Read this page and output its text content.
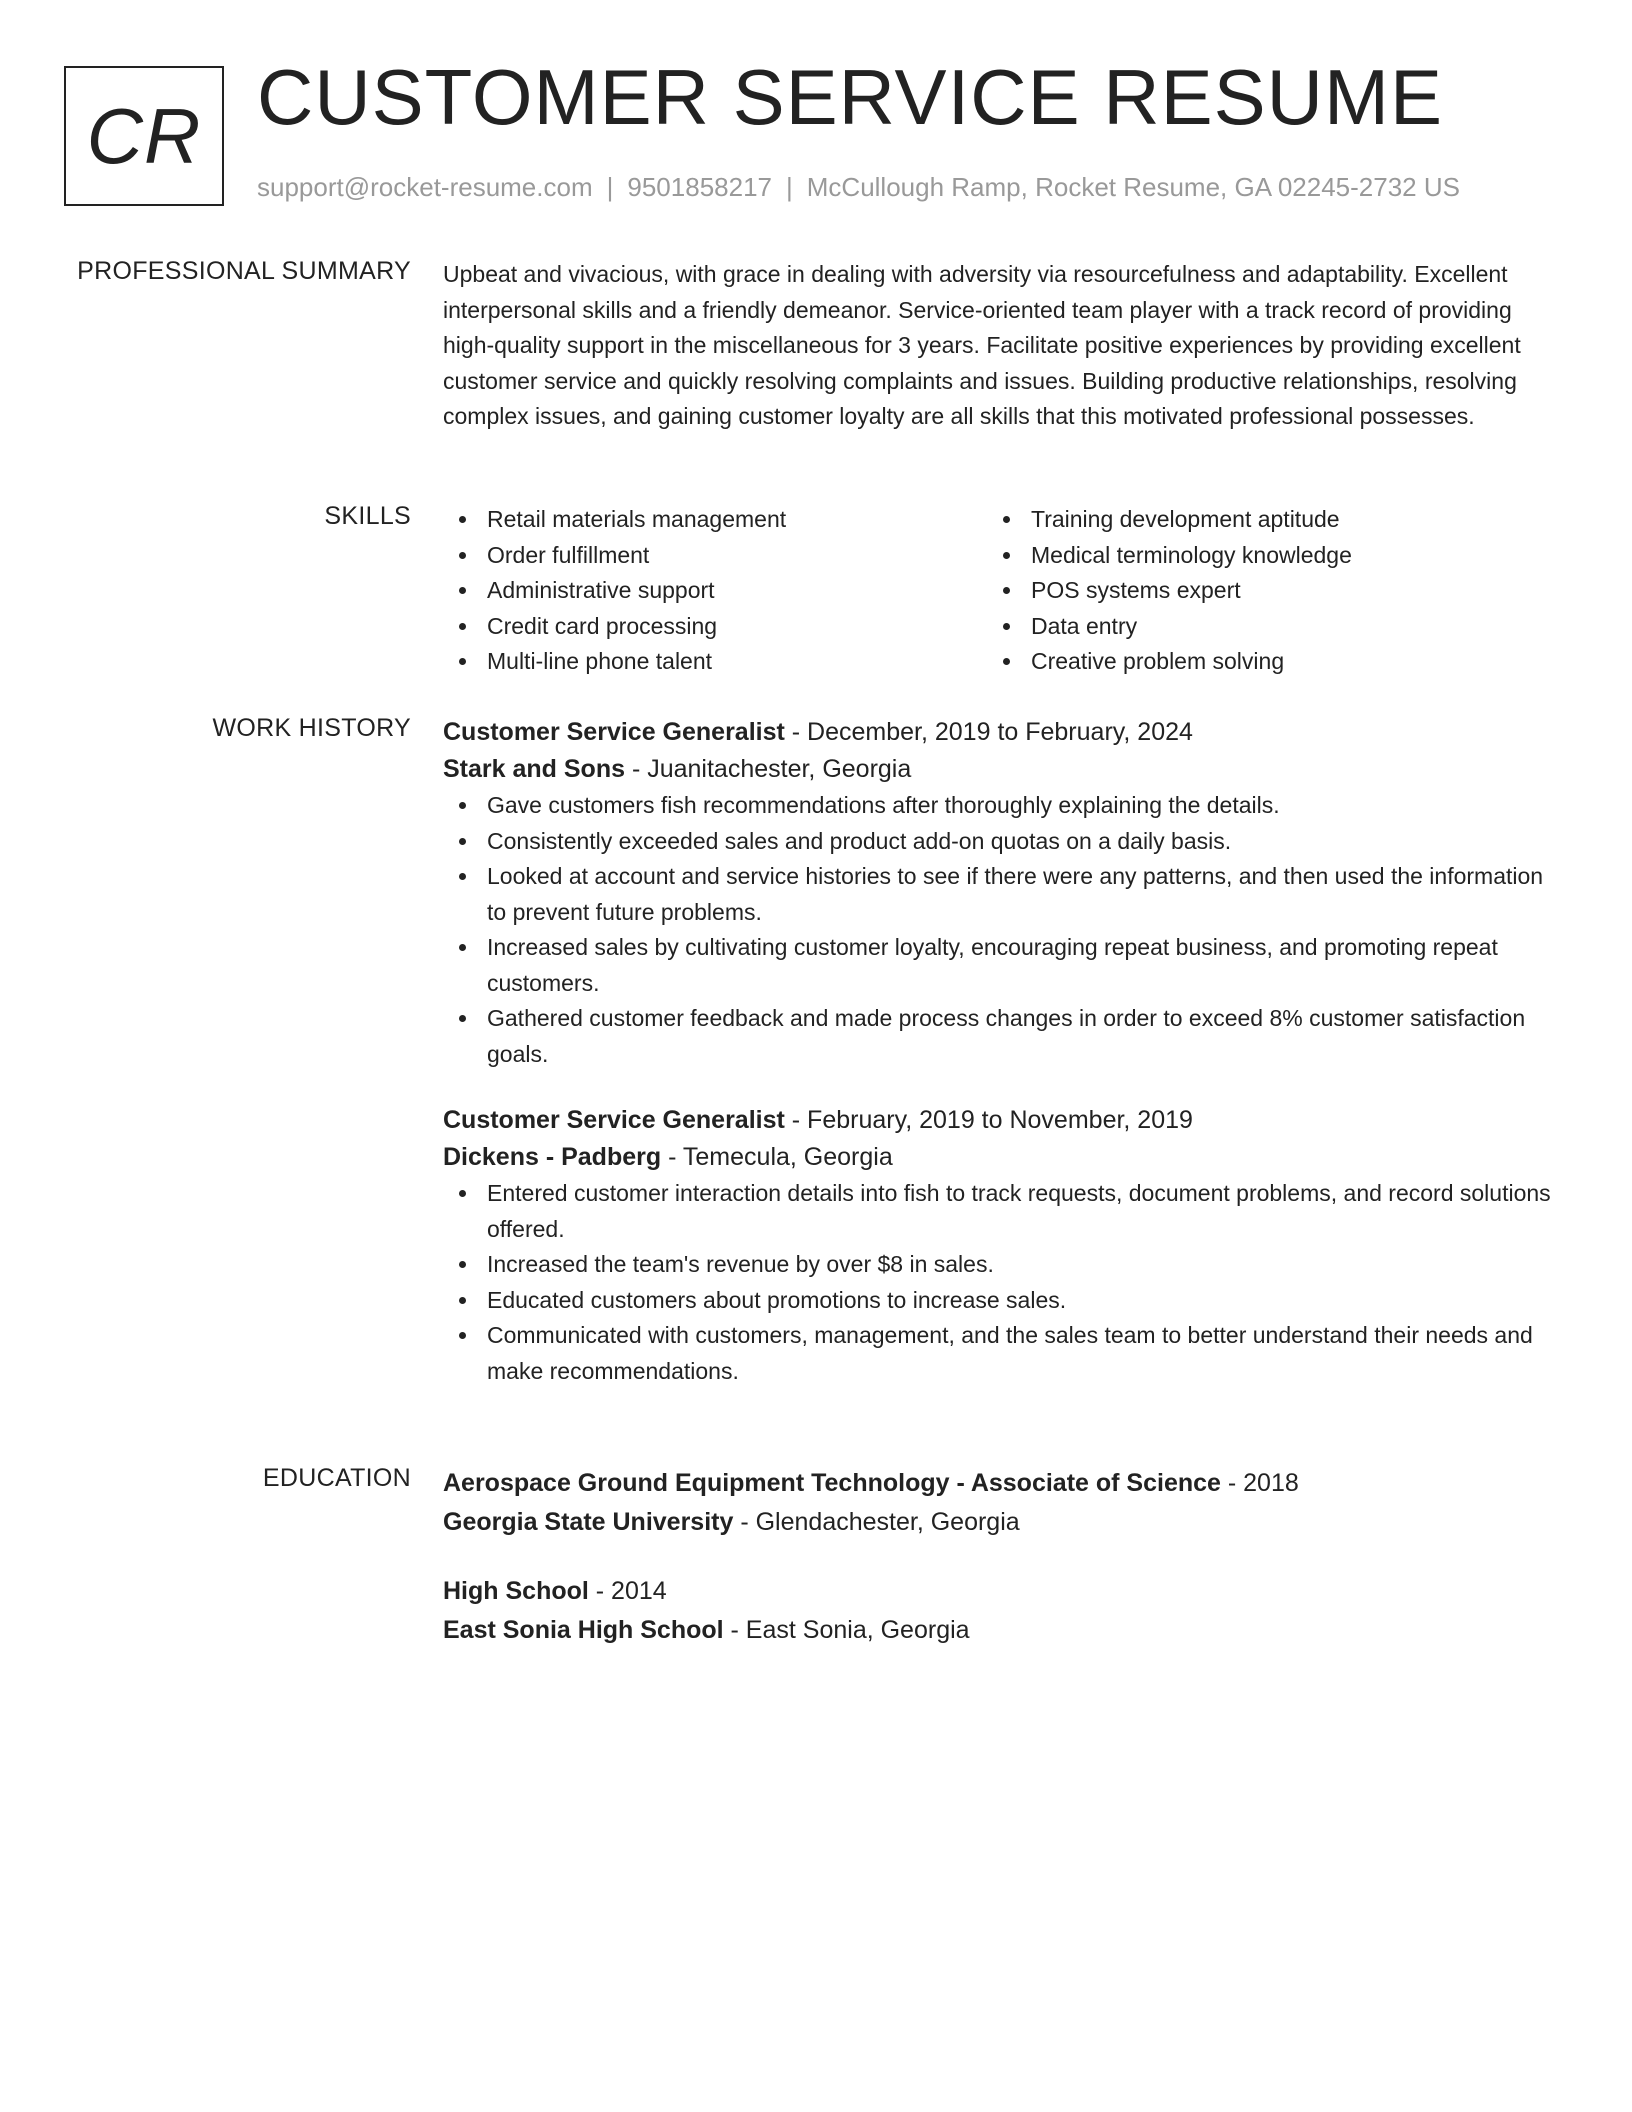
CR CUSTOMER SERVICE RESUME
support@rocket-resume.com | 9501858217 | McCullough Ramp, Rocket Resume, GA 02245-2732 US
PROFESSIONAL SUMMARY Upbeat and vivacious, with grace in dealing with adversity via resourcefulness and adaptability. Excellent interpersonal skills and a friendly demeanor. Service-oriented team player with a track record of providing high-quality support in the miscellaneous for 3 years. Facilitate positive experiences by providing excellent customer service and quickly resolving complaints and issues. Building productive relationships, resolving complex issues, and gaining customer loyalty are all skills that this motivated professional possesses.

SKILLS	Retail materials management
Order fulfillment
Administrative support
Credit card processing
Multi-line phone talent
Training development aptitude
Medical terminology knowledge
POS systems expert
Data entry
Creative problem solving
WORK HISTORY Customer Service Generalist - December, 2019 to February, 2024
Stark and Sons - Juanitachester, Georgia
Gave customers fish recommendations after thoroughly explaining the details.
Consistently exceeded sales and product add-on quotas on a daily basis.
Looked at account and service histories to see if there were any patterns, and then used the information to prevent future problems.
Increased sales by cultivating customer loyalty, encouraging repeat business, and promoting repeat customers.
Gathered customer feedback and made process changes in order to exceed 8% customer satisfaction goals.
Customer Service Generalist - February, 2019 to November, 2019
Dickens - Padberg - Temecula, Georgia
Entered customer interaction details into fish to track requests, document problems, and record solutions offered.
Increased the team's revenue by over $8 in sales.
Educated customers about promotions to increase sales.
Communicated with customers, management, and the sales team to better understand their needs and make recommendations.
EDUCATION Aerospace Ground Equipment Technology - Associate of Science - 2018
Georgia State University - Glendachester, Georgia
High School - 2014
East Sonia High School - East Sonia, Georgia
